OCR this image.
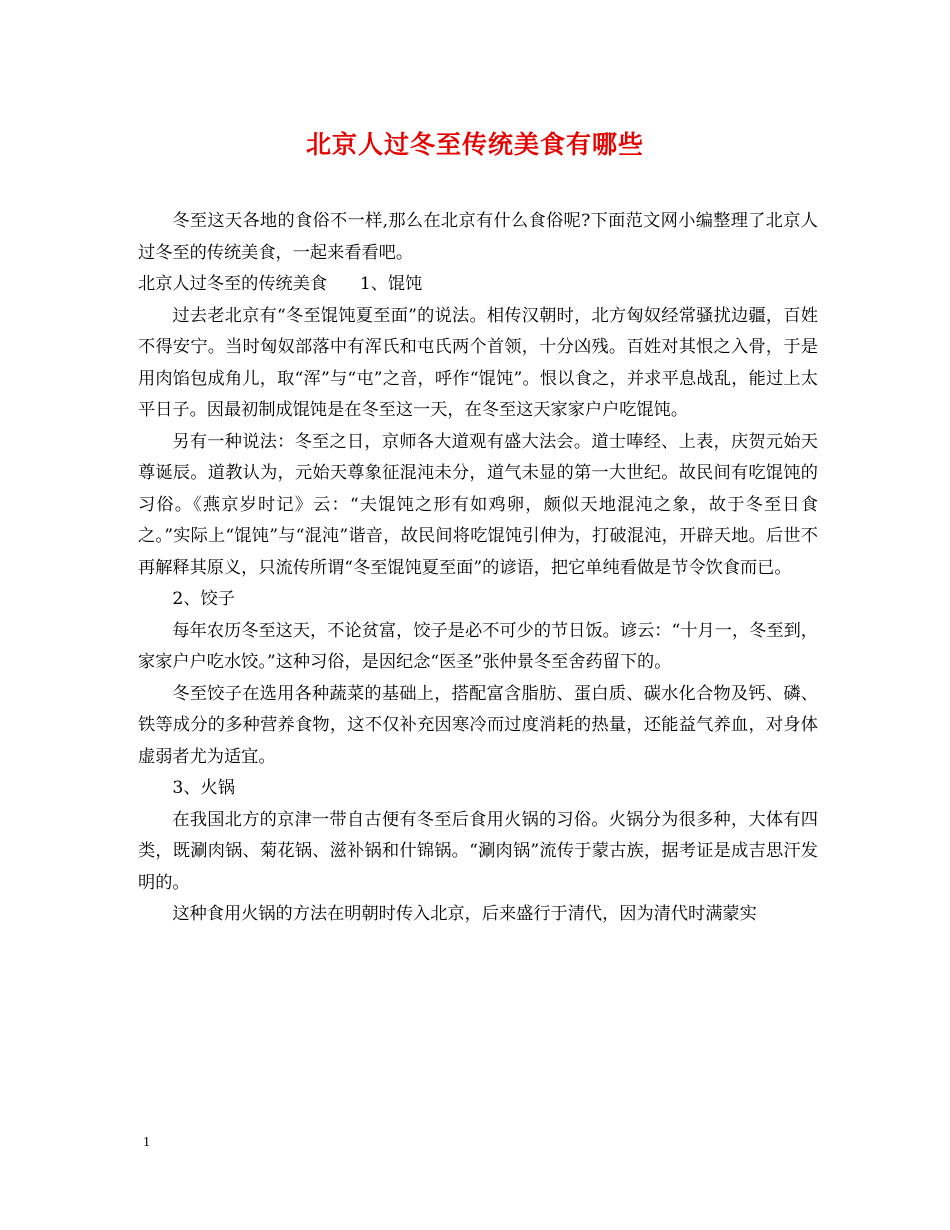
北京人过冬至传统美食有哪些

冬至这天各地的食俗不一样,那么在北京有什么食俗呢?下面范文网小编整理了北京人过冬至的传统美食，一起来看看吧。

北京人过冬至的传统美食 1、馄饨

过去老北京有“冬至馄饨夏至面”的说法。相传汉朝时，北方匈奴经常骚扰边疆，百姓不得安宁。当时匈奴部落中有浑氏和屯氏两个首领，十分凶残。百姓对其恨之入骨，于是用肉馅包成角儿，取“浑”与“屯”之音，呼作“馄饨”。恨以食之，并求平息战乱，能过上太平日子。因最初制成馄饨是在冬至这一天，在冬至这天家家户户吃馄饨。

另有一种说法：冬至之日，京师各大道观有盛大法会。道士唪经、上表，庆贺元始天尊诞辰。道教认为，元始天尊象征混沌未分，道气未显的第一大世纪。故民间有吃馄饨的习俗。《燕京岁时记》云：“夫馄饨之形有如鸡卵，颇似天地混沌之象，故于冬至日食之。”实际上“馄饨”与“混沌”谐音，故民间将吃馄饨引伸为，打破混沌，开辟天地。后世不再解释其原义，只流传所谓“冬至馄饨夏至面”的谚语，把它单纯看做是节令饮食而已。

2、饺子

每年农历冬至这天，不论贫富，饺子是必不可少的节日饭。谚云：“十月一，冬至到，家家户户吃水饺。”这种习俗，是因纪念“医圣”张仲景冬至舍药留下的。

冬至饺子在选用各种蔬菜的基础上，搭配富含脂肪、蛋白质、碳水化合物及钙、磷、铁等成分的多种营养食物，这不仅补充因寒冷而过度消耗的热量，还能益气养血，对身体虚弱者尤为适宜。

3、火锅

在我国北方的京津一带自古便有冬至后食用火锅的习俗。火锅分为很多种，大体有四类，既涮肉锅、菊花锅、滋补锅和什锦锅。“涮肉锅”流传于蒙古族，据考证是成吉思汗发明的。

这种食用火锅的方法在明朝时传入北京，后来盛行于清代，因为清代时满蒙实

1
